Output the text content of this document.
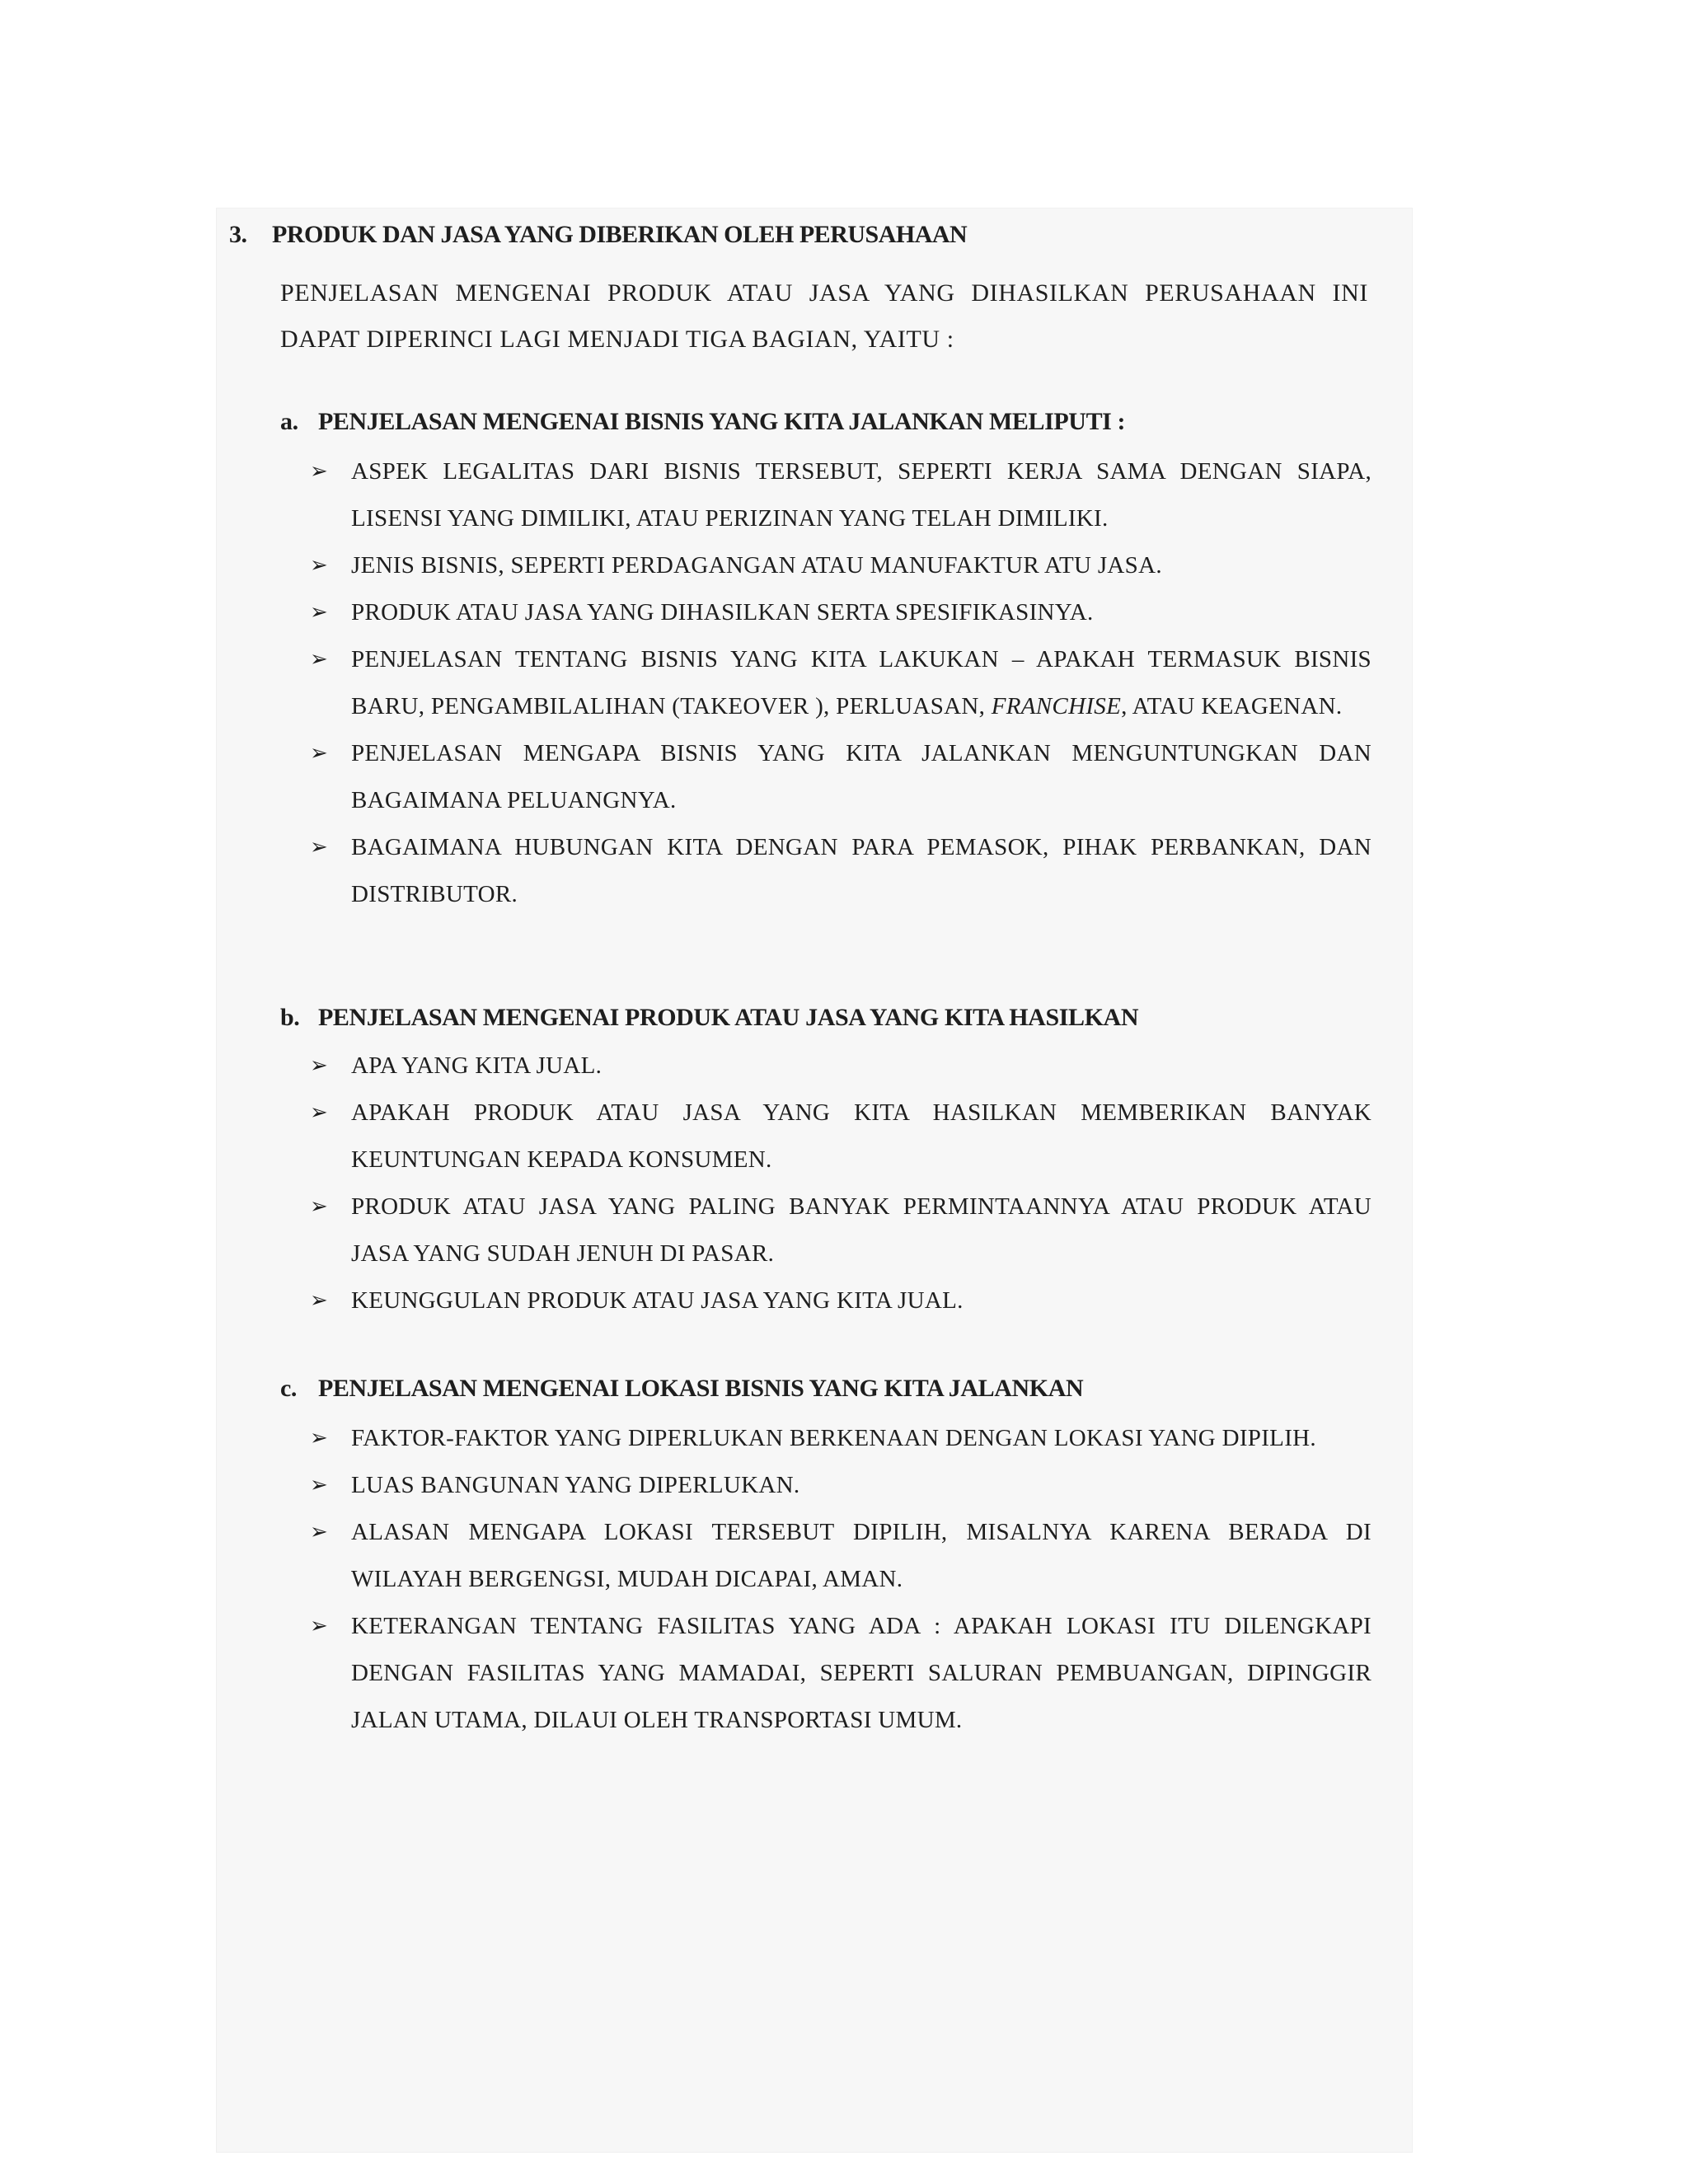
3. PRODUK DAN JASA YANG DIBERIKAN OLEH PERUSAHAAN
PENJELASAN MENGENAI PRODUK ATAU JASA YANG DIHASILKAN PERUSAHAAN INI DAPAT DIPERINCI LAGI MENJADI TIGA BAGIAN, YAITU :
a. PENJELASAN MENGENAI BISNIS YANG KITA JALANKAN MELIPUTI :
➢ ASPEK LEGALITAS DARI BISNIS TERSEBUT, SEPERTI KERJA SAMA DENGAN SIAPA, LISENSI YANG DIMILIKI, ATAU PERIZINAN YANG TELAH DIMILIKI.
➢ JENIS BISNIS, SEPERTI PERDAGANGAN ATAU MANUFAKTUR ATU JASA.
➢ PRODUK ATAU JASA YANG DIHASILKAN SERTA SPESIFIKASINYA.
➢ PENJELASAN TENTANG BISNIS YANG KITA LAKUKAN – APAKAH TERMASUK BISNIS BARU, PENGAMBILALIHAN (TAKEOVER ), PERLUASAN, FRANCHISE, ATAU KEAGENAN.
➢ PENJELASAN MENGAPA BISNIS YANG KITA JALANKAN MENGUNTUNGKAN DAN BAGAIMANA PELUANGNYA.
➢ BAGAIMANA HUBUNGAN KITA DENGAN PARA PEMASOK, PIHAK PERBANKAN, DAN DISTRIBUTOR.
b. PENJELASAN MENGENAI PRODUK ATAU JASA YANG KITA HASILKAN
➢ APA YANG KITA JUAL.
➢ APAKAH PRODUK ATAU JASA YANG KITA HASILKAN MEMBERIKAN BANYAK KEUNTUNGAN KEPADA KONSUMEN.
➢ PRODUK ATAU JASA YANG PALING BANYAK PERMINTAANNYA ATAU PRODUK ATAU JASA YANG SUDAH JENUH DI PASAR.
➢ KEUNGGULAN PRODUK ATAU JASA YANG KITA JUAL.
c. PENJELASAN MENGENAI LOKASI BISNIS YANG KITA JALANKAN
➢ FAKTOR-FAKTOR YANG DIPERLUKAN BERKENAAN DENGAN LOKASI YANG DIPILIH.
➢ LUAS BANGUNAN YANG DIPERLUKAN.
➢ ALASAN MENGAPA LOKASI TERSEBUT DIPILIH, MISALNYA KARENA BERADA DI WILAYAH BERGENGSI, MUDAH DICAPAI, AMAN.
➢ KETERANGAN TENTANG FASILITAS YANG ADA : APAKAH LOKASI ITU DILENGKAPI DENGAN FASILITAS YANG MAMADAI, SEPERTI SALURAN PEMBUANGAN, DIPINGGIR JALAN UTAMA, DILAUI OLEH TRANSPORTASI UMUM.
